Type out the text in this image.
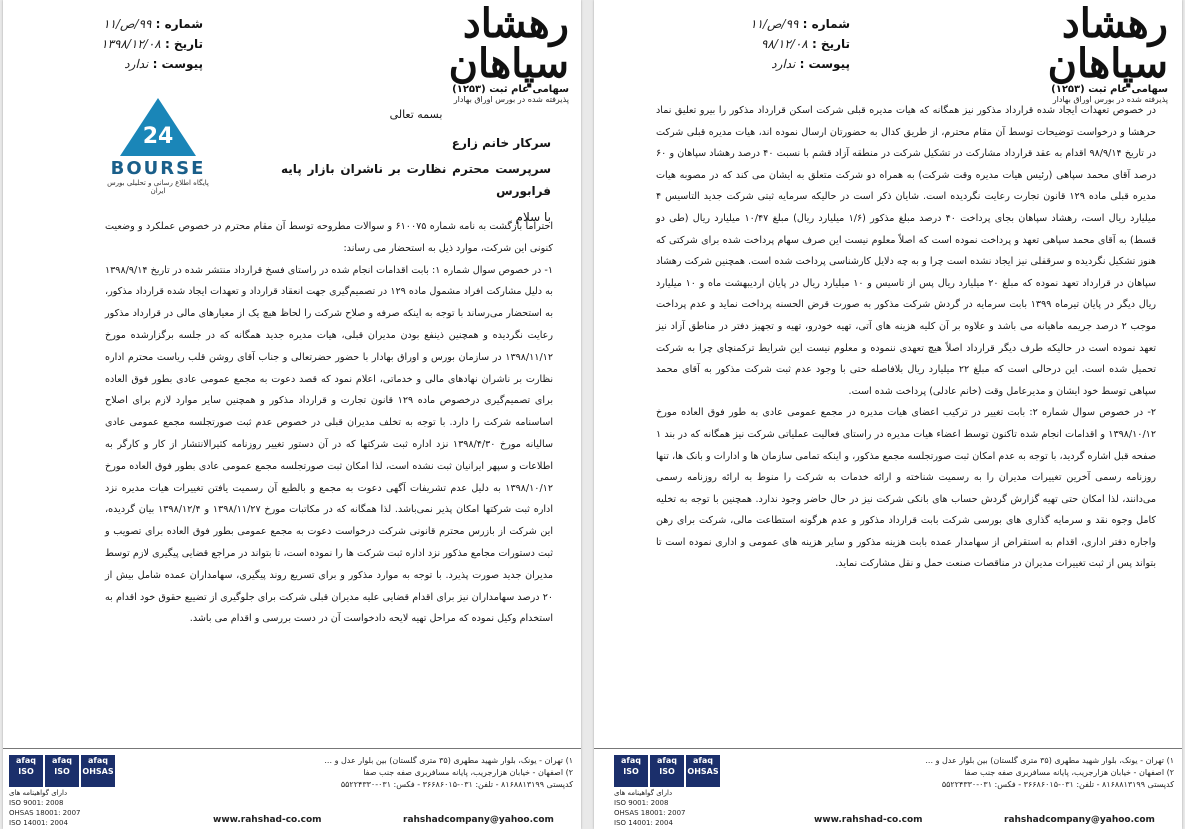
رهشاد سپاهان
سهامی عام ثبت (۱۲۵۳)
پذیرفته شده در بورس اوراق بهادار
شماره : ۹۹/ص/۱۱
تاریخ : ۱۳۹۸/۱۲/۰۸
پیوست : ندارد
24
BOURSE
پایگاه اطلاع رسانی و تحلیلی بورس ایران

بسمه تعالی

سرکار خانم زارع

سرپرست محترم نظارت بر ناشران بازار پایه فرابورس

با سلام

احتراماً بازگشت به نامه شماره ۶۱۰۰۷۵ و سوالات مطروحه توسط آن مقام محترم در خصوص عملکرد و وضعیت کنونی این شرکت، موارد ذیل به استحضار می رساند:

۱- در خصوص سوال شماره ۱: بابت اقدامات انجام شده در راستای فسخ قرارداد منتشر شده در تاریخ ۱۳۹۸/۹/۱۴ به دلیل مشارکت افراد مشمول ماده ۱۲۹ در تصمیم‌گیری جهت انعقاد قرارداد و تعهدات ایجاد شده قرارداد مذکور، به استحضار می‌رساند با توجه به اینکه صرفه و صلاح شرکت را لحاظ هیچ یک از معیارهای مالی در قرارداد مذکور رعایت نگردیده و همچنین ذینفع بودن مدیران قبلی، هیات مدیره جدید همگانه که در جلسه برگزارشده مورخ ۱۳۹۸/۱۱/۱۲ در سازمان بورس و اوراق بهادار با حضور حضرتعالی و جناب آقای روشن قلب ریاست محترم اداره نظارت بر ناشران نهادهای مالی و خدماتی، اعلام نمود که قصد دعوت به مجمع عمومی عادی بطور فوق العاده برای تصمیم‌گیری درخصوص ماده ۱۲۹ قانون تجارت و قرارداد مذکور و همچنین سایر موارد لازم برای اصلاح اساسنامه شرکت را دارد. با توجه به تخلف مدیران قبلی در خصوص عدم ثبت صورتجلسه مجمع عمومی عادی سالیانه مورخ ۱۳۹۸/۴/۳۰ نزد اداره ثبت شرکتها که در آن دستور تغییر روزنامه کثیرالانتشار از کار و کارگر به اطلاعات و سپهر ایرانیان ثبت نشده است، لذا امکان ثبت صورتجلسه مجمع عمومی عادی بطور فوق العاده مورخ ۱۳۹۸/۱۰/۱۲ به دلیل عدم تشریفات آگهی دعوت به مجمع و بالطبع آن رسمیت یافتن تغییرات هیات مدیره نزد اداره ثبت شرکتها امکان پذیر نمی‌باشد. لذا همگانه که در مکاتبات مورخ ۱۳۹۸/۱۱/۲۷ و ۱۳۹۸/۱۲/۴ بیان گردیده، این شرکت از بازرس محترم قانونی شرکت درخواست دعوت به مجمع عمومی بطور فوق العاده برای تصویب و ثبت دستورات مجامع مذکور نزد اداره ثبت شرکت ها را نموده است، تا بتواند در مراجع قضایی پیگیری لازم توسط مدیران جدید صورت پذیرد. با توجه به موارد مذکور و برای تسریع روند پیگیری، سهامداران عمده شامل بیش از ۲۰ درصد سهامداران نیز برای اقدام قضایی علیه مدیران قبلی شرکت برای جلوگیری از تضییع حقوق خود اقدام به استخدام وکیل نموده که مراحل تهیه لایحه دادخواست آن در دست بررسی و اقدام می باشد.

۱) تهران - یونک، بلوار شهید مطهری (۳۵ متری گلستان) بین بلوار عدل و ...
۲) اصفهان - خیابان هزارجریب، پایانه مسافربری صفه جنب صفا
کدپستی ۸۱۶۸۸۱۳۱۹۹ - تلفن: ۰۳۱-۳۶۶۸۶۰۱۵ - فکس: ۰۳۱-۵۵۲۲۴۳۳۰
afaq
ISOafaq
ISOafaq
OHSAS
دارای گواهینامه های
ISO 9001: 2008
OHSAS 18001: 2007
ISO 14001: 2004	www.rahshad-co.com	rahshadcompany@yahoo.com
رهشاد سپاهان
سهامی عام ثبت (۱۲۵۳)
پذیرفته شده در بورس اوراق بهادار
شماره : ۹۹/ص/۱۱
تاریخ : ۹۸/۱۲/۰۸
پیوست : ندارد

در خصوص تعهدات ایجاد شده قرارداد مذکور نیز همگانه که هیات مدیره قبلی شرکت اسکن قرارداد مذکور را بیرو تعلیق نماد حرهشا و درخواست توضیحات توسط آن مقام محترم، از طریق کدال به حضورتان ارسال نموده اند، هیات مدیره قبلی شرکت در تاریخ ۹۸/۹/۱۴ اقدام به عقد قرارداد مشارکت در تشکیل شرکت در منطقه آزاد قشم با نسبت ۴۰ درصد رهشاد سپاهان و ۶۰ درصد آقای محمد سپاهی (رئیس هیات مدیره وقت شرکت) به همراه دو شرکت متعلق به ایشان می کند که در مصوبه هیات مدیره قبلی ماده ۱۲۹ قانون تجارت رعایت نگردیده است. شایان ذکر است در حالیکه سرمایه ثبتی شرکت جدید التاسیس ۴ میلیارد ریال است، رهشاد سپاهان بجای پرداخت ۴۰ درصد مبلغ مذکور (۱/۶ میلیارد ریال) مبلغ ۱۰/۴۷ میلیارد ریال (طی دو قسط) به آقای محمد سپاهی تعهد و پرداخت نموده است که اصلاً معلوم نیست این صرف سهام پرداخت شده برای شرکتی که هنوز تشکیل نگردیده و سرقفلی نیز ایجاد نشده است چرا و به چه دلایل کارشناسی پرداخت شده است. همچنین شرکت رهشاد سپاهان در قرارداد تعهد نموده که مبلغ ۲۰ میلیارد ریال پس از تاسیس و ۱۰ میلیارد ریال در پایان اردیبهشت ماه و ۱۰ میلیارد ریال دیگر در پایان تیرماه ۱۳۹۹ بابت سرمایه در گردش شرکت مذکور به صورت قرض الحسنه پرداخت نماید و عدم پرداخت موجب ۲ درصد جریمه ماهیانه می باشد و علاوه بر آن کلیه هزینه های آتی، تهیه خودرو، تهیه و تجهیز دفتر در مناطق آزاد نیز تعهد نموده است در حالیکه طرف دیگر قرارداد اصلاً هیچ تعهدی ننموده و معلوم نیست این شرایط ترکمنچای چرا به شرکت تحمیل شده است. این درحالی است که مبلغ ۲۲ میلیارد ریال بلافاصله حتی با وجود عدم ثبت شرکت مذکور به آقای محمد سپاهی توسط خود ایشان و مدیرعامل وقت (خانم عادلی) پرداخت شده است.

۲- در خصوص سوال شماره ۲: بابت تغییر در ترکیب اعضای هیات مدیره در مجمع عمومی عادی به طور فوق العاده مورخ ۱۳۹۸/۱۰/۱۲ و اقدامات انجام شده تاکنون توسط اعضاء هیات مدیره در راستای فعالیت عملیاتی شرکت نیز همگانه که در بند ۱ صفحه قبل اشاره گردید، با توجه به عدم امکان ثبت صورتجلسه مجمع مذکور، و اینکه تمامی سازمان ها و ادارات و بانک ها، تنها روزنامه رسمی آخرین تغییرات مدیران را به رسمیت شناخته و ارائه خدمات به شرکت را منوط به ارائه روزنامه رسمی می‌دانند، لذا امکان حتی تهیه گزارش گردش حساب های بانکی شرکت نیز در حال حاضر وجود ندارد. همچنین با توجه به تخلیه کامل وجوه نقد و سرمایه گذاری های بورسی شرکت بابت قرارداد مذکور و عدم هرگونه استطاعت مالی، شرکت برای رهن واجاره دفتر اداری، اقدام به استقراض از سهامدار عمده بابت هزینه مذکور و سایر هزینه های عمومی و اداری نموده است تا بتواند پس از ثبت تغییرات مدیران در مناقصات صنعت حمل و نقل مشارکت نماید.

۱) تهران - یونک، بلوار شهید مطهری (۳۵ متری گلستان) بین بلوار عدل و ...
۲) اصفهان - خیابان هزارجریب، پایانه مسافربری صفه جنب صفا
کدپستی ۸۱۶۸۸۱۳۱۹۹ - تلفن: ۰۳۱-۳۶۶۸۶۰۱۵ - فکس: ۰۳۱-۵۵۲۲۴۳۳۰
afaq
ISOafaq
ISOafaq
OHSAS
دارای گواهینامه های
ISO 9001: 2008
OHSAS 18001: 2007
ISO 14001: 2004	www.rahshad-co.com	rahshadcompany@yahoo.com
